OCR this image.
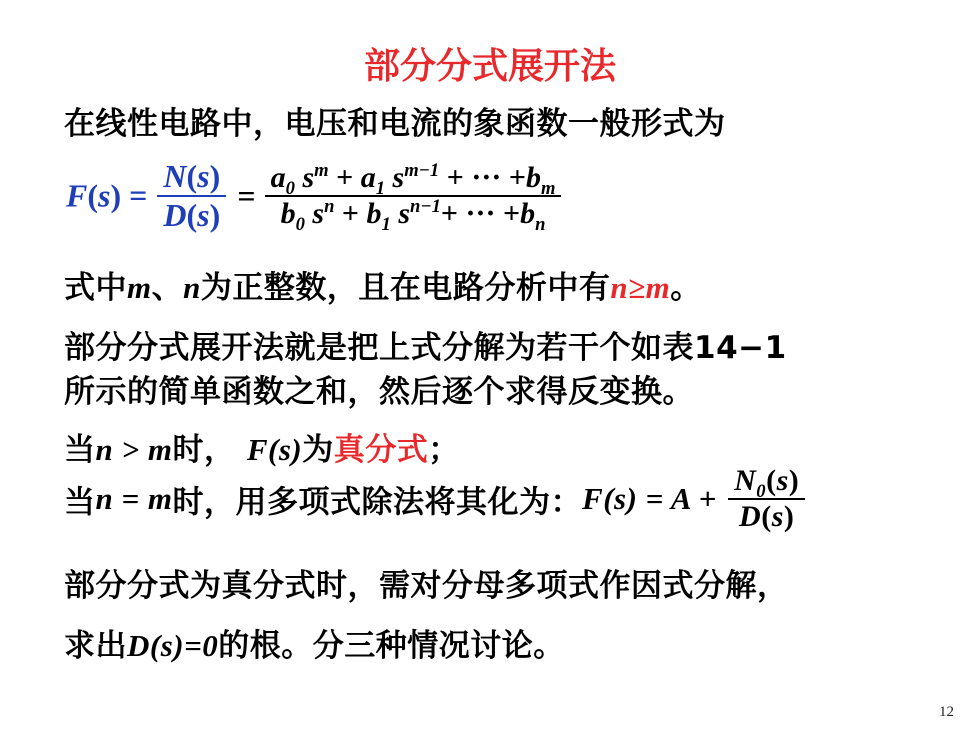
部分分式展开法
在线性电路中，电压和电流的象函数一般形式为
$F(s) = \frac{N(s)}{D(s)} = \frac{a_0 s^m + a_1 s^{m-1} + \cdot\cdot\cdot +b_m}{b_0 s^n + b_1 s^{n-1}+ \cdot\cdot\cdot +b_n}$
式中m、n为正整数，且在电路分析中有n≥m。
部分分式展开法就是把上式分解为若干个如表14−1
所示的简单函数之和，然后逐个求得反变换。
当n > m时， F(s)为真分式；
当n = m时，用多项式除法将其化为：$F(s) = A + \frac{N_0(s)}{D(s)}$
部分分式为真分式时，需对分母多项式作因式分解，
求出D(s)=0的根。分三种情况讨论。
12
